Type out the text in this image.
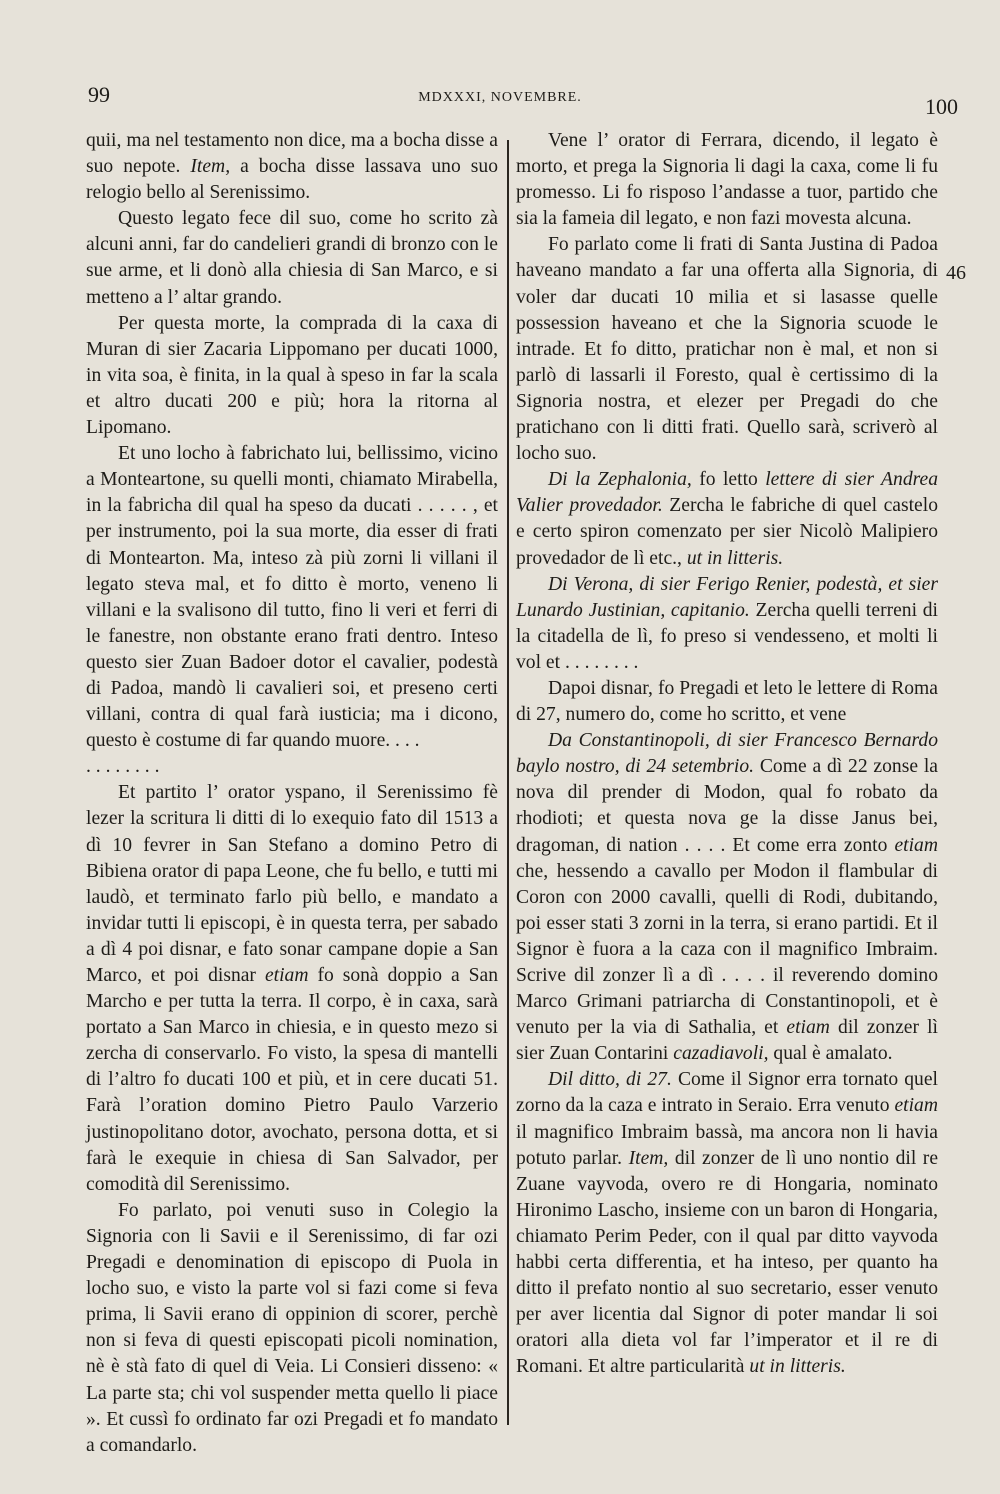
99	MDXXXI, NOVEMBRE.	100
46

quii, ma nel testamento non dice, ma a bocha disse a suo nepote. Item, a bocha disse lassava uno suo relogio bello al Serenissimo.

Questo legato fece dil suo, come ho scrito zà alcuni anni, far do candelieri grandi di bronzo con le sue arme, et li donò alla chiesia di San Marco, e si metteno a l’ altar grando.

Per questa morte, la comprada di la caxa di Muran di sier Zacaria Lippomano per ducati 1000, in vita soa, è finita, in la qual à speso in far la scala et altro ducati 200 e più; hora la ritorna al Lipomano.

Et uno locho à fabrichato lui, bellissimo, vicino a Monteartone, su quelli monti, chiamato Mirabella, in la fabricha dil qual ha speso da ducati . . . . . , et per instrumento, poi la sua morte, dia esser di frati di Montearton. Ma, inteso zà più zorni li villani il legato steva mal, et fo ditto è morto, veneno li villani e la svalisono dil tutto, fino li veri et ferri di le fanestre, non obstante erano frati dentro. Inteso questo sier Zuan Badoer dotor el cavalier, podestà di Padoa, mandò li cavalieri soi, et preseno certi villani, contra di qual farà iusticia; ma i dicono, questo è costume di far quando muore. . . .

. . . . . . . .

Et partito l’ orator yspano, il Serenissimo fè lezer la scritura li ditti di lo exequio fato dil 1513 a dì 10 fevrer in San Stefano a domino Petro di Bibiena orator di papa Leone, che fu bello, e tutti mi laudò, et terminato farlo più bello, e mandato a invidar tutti li episcopi, è in questa terra, per sabado a dì 4 poi disnar, e fato sonar campane dopie a San Marco, et poi disnar etiam fo sonà doppio a San Marcho e per tutta la terra. Il corpo, è in caxa, sarà portato a San Marco in chiesia, e in questo mezo si zercha di conservarlo. Fo visto, la spesa di mantelli di l’altro fo ducati 100 et più, et in cere ducati 51. Farà l’oration domino Pietro Paulo Varzerio justinopolitano dotor, avochato, persona dotta, et si farà le exequie in chiesa di San Salvador, per comodità dil Serenissimo.

Fo parlato, poi venuti suso in Colegio la Signoria con li Savii e il Serenissimo, di far ozi Pregadi e denomination di episcopo di Puola in locho suo, e visto la parte vol si fazi come si feva prima, li Savii erano di oppinion di scorer, perchè non si feva di questi episcopati picoli nomination, nè è stà fato di quel di Veia. Li Consieri disseno: « La parte sta; chi vol suspender metta quello li piace ». Et cussì fo ordinato far ozi Pregadi et fo mandato a comandarlo.

Vene l’ orator di Ferrara, dicendo, il legato è morto, et prega la Signoria li dagi la caxa, come li fu promesso. Li fo risposo l’andasse a tuor, partido che sia la fameia dil legato, e non fazi movesta alcuna.

Fo parlato come li frati di Santa Justina di Padoa haveano mandato a far una offerta alla Signoria, di voler dar ducati 10 milia et si lasasse quelle possession haveano et che la Signoria scuode le intrade. Et fo ditto, pratichar non è mal, et non si parlò di lassarli il Foresto, qual è certissimo di la Signoria nostra, et elezer per Pregadi do che pratichano con li ditti frati. Quello sarà, scriverò al locho suo.

Di la Zephalonia, fo letto lettere di sier Andrea Valier provedador. Zercha le fabriche di quel castelo e certo spiron comenzato per sier Nicolò Malipiero provedador de lì etc., ut in litteris.

Di Verona, di sier Ferigo Renier, podestà, et sier Lunardo Justinian, capitanio. Zercha quelli terreni di la citadella de lì, fo preso si vendesseno, et molti li vol et . . . . . . . .

Dapoi disnar, fo Pregadi et leto le lettere di Roma di 27, numero do, come ho scritto, et vene

Da Constantinopoli, di sier Francesco Bernardo baylo nostro, di 24 setembrio. Come a dì 22 zonse la nova dil prender di Modon, qual fo robato da rhodioti; et questa nova ge la disse Janus bei, dragoman, di nation . . . . Et come erra zonto etiam che, hessendo a cavallo per Modon il flambular di Coron con 2000 cavalli, quelli di Rodi, dubitando, poi esser stati 3 zorni in la terra, si erano partidi. Et il Signor è fuora a la caza con il magnifico Imbraim. Scrive dil zonzer lì a dì . . . . il reverendo domino Marco Grimani patriarcha di Constantinopoli, et è venuto per la via di Sathalia, et etiam dil zonzer lì sier Zuan Contarini cazadiavoli, qual è amalato.

Dil ditto, di 27. Come il Signor erra tornato quel zorno da la caza e intrato in Seraio. Erra venuto etiam il magnifico Imbraim bassà, ma ancora non li havia potuto parlar. Item, dil zonzer de lì uno nontio dil re Zuane vayvoda, overo re di Hongaria, nominato Hironimo Lascho, insieme con un baron di Hongaria, chiamato Perim Peder, con il qual par ditto vayvoda habbi certa differentia, et ha inteso, per quanto ha ditto il prefato nontio al suo secretario, esser venuto per aver licentia dal Signor di poter mandar li soi oratori alla dieta vol far l’imperator et il re di Romani. Et altre particularità ut in litteris.
